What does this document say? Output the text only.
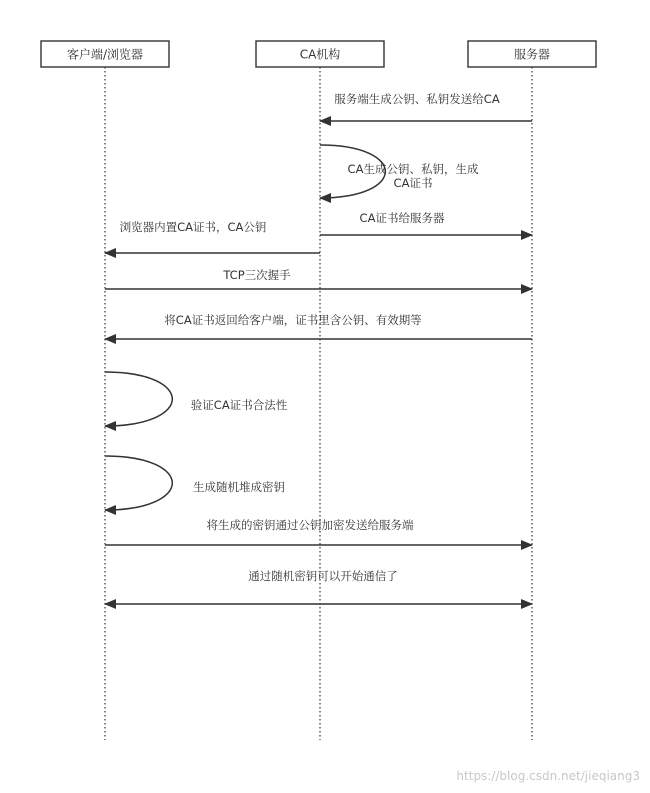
客户端/浏览器	CA机构	服务器
服务端生成公钥、私钥发送给CA
CA生成公钥、私钥，生成
CA证书
CA证书给服务器
浏览器内置CA证书，CA公钥
TCP三次握手
将CA证书返回给客户端，证书里含公钥、有效期等
验证CA证书合法性
生成随机堆成密钥
将生成的密钥通过公钥加密发送给服务端
通过随机密钥可以开始通信了
https://blog.csdn.net/jieqiang3
